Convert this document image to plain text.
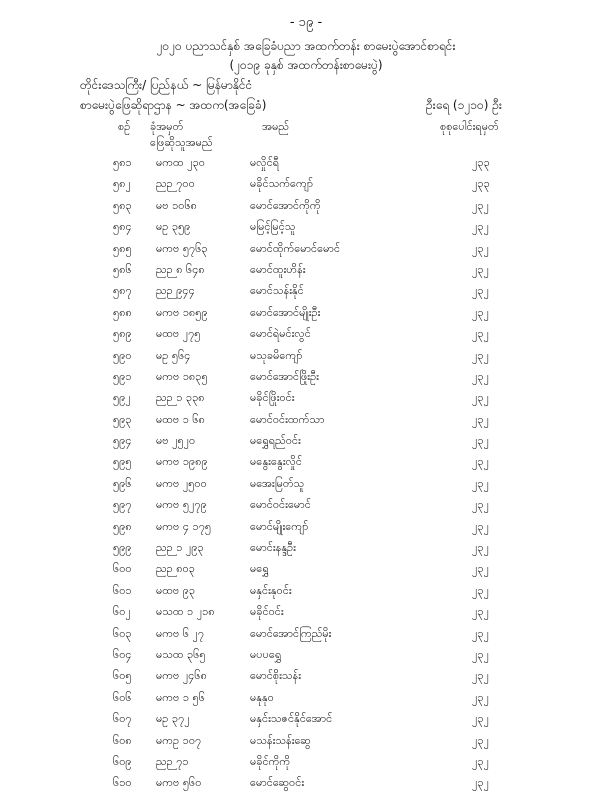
- ၁၉ -
၂၀၂၀ ပညာသင်နှစ် အခြေခံပညာ အထက်တန်း စာမေးပွဲအောင်စာရင်း
(၂၀၁၉ ခုနှစ် အထက်တန်းစာမေးပွဲ)
တိုင်းဒေသကြီး/ ပြည်နယ် ~ မြန်မာနိုင်ငံ
စာမေးပွဲဖြေဆိုရာဌာန ~ အထက(အခြေခံ)	ဦးရေ (၁၂၁၀) ဦး
စဉ် ခုံအမှတ်
ဖြေဆိုသူအမည်
အမည်	စုစုပေါင်းရမှတ်
၅၈၁ မကထ ၂၃၀	မလှိုင်ရီ	၂၃၃
၅၈၂ ညဉ ၇၀၀	မခိုင်သက်ကျော်	၂၃၃
၅၈၃ မဗ ၁၀၆၈	မောင်အောင်ကိုကို	၂၃၂
၅၈၄ မဥ ၃၅၉	မမြင့်မြင့်သူ	၂၃၂
၅၈၅ မကဗ ၅၇၆၃	မောင်ထိုက်မောင်မောင်	၂၃၂
၅၈၆ ညဉ ၈ ၆၄၈	မောင်ထူးဟိန်း	၂၃၂
၅၈၇ ညဉ ၉၄၄	မောင်သန်းနိုင်	၂၃၂
၅၈၈ မကဗ ၁၈၅၉	မောင်အောင်မျိုးဦး	၂၃၂
၅၈၉ မထဗ ၂၇၅	မောင်ရဲမင်းလွင်	၂၃၂
၅၉၀ မဥ ၅၆၄	မသုခမိကျော်	၂၃၂
၅၉၁ မကဗ ၁၈၃၅	မောင်အောင်ဖြိုးဦး	၂၃၂
၅၉၂ ညဉ ၁ ၃၃၈	မခိုင်ဖြိုးဝင်း	၂၃၂
၅၉၃ မထဗ ၁ ၆၈	မောင်ဝင်းထက်သာ	၂၃၂
၅၉၄ မဗ ၂၅၂၀	မရွှေရည်ဝင်း	၂၃၂
၅၉၅ မကဗ ၁၉၈၉	မနွေးနွေးလှိုင်	၂၃၂
၅၉၆ မကဗ ၂၅၀၀	မအေးမြတ်သူ	၂၃၂
၅၉၇ မကဗ ၅၂၇၉	မောင်ဝင်းမောင်	၂၃၂
၅၉၈ မကဗ ၄ ၁၇၅	မောင်မျိုးကျော်	၂၃၂
၅၉၉ ညဉ ၁ ၂၉၃	မောင်းနန္ဒဦး	၂၃၂
၆၀၀ ညဉ ၈၀၃	မရွှေ	၂၃၂
၆၀၁ မထဗ ၉၃	မနှင်းနုဝင်း	၂၃၂
၆၀၂ မသထ ၁ ၂၁၈	မခိုင်ဝင်း	၂၃၂
၆၀၃ မကဗ ၆ ၂၇	မောင်အောင်ကြည်မိုး	၂၃၂
၆၀၄ မသထ ၃၆၅	မပပရွှေ	၂၃၂
၆၀၅ မကဗ ၂၄၆၈	မောင်စိုးသန်း	၂၃၂
၆၀၆ မကဗ ၁ ၅၆	မနုနုဝ	၂၃၂
၆၀၇ မဥ ၃၇၂	မနှင်းသဇင်နိုင်အောင်	၂၃၂
၆၀၈ မကဥ ၁၀၇	မသန်းသန်းဆွေ	၂၃၂
၆၀၉ ညဉ ၇၁	မခိုင်ကိုကို	၂၃၂
၆၁၀ မကဗ ၅၆၀	မောင်ဆွေဝင်း	၂၃၂
